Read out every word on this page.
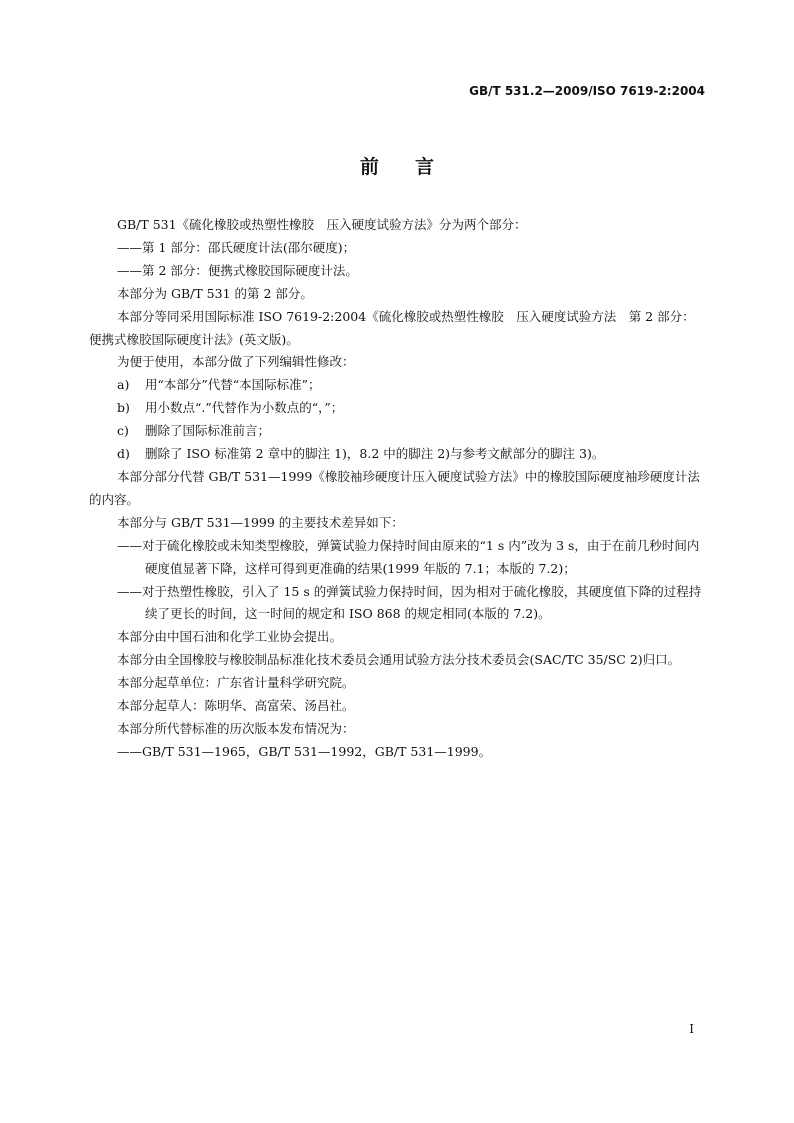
GB/T 531.2—2009/ISO 7619-2:2004
前言

GB/T 531《硫化橡胶或热塑性橡胶　压入硬度试验方法》分为两个部分：

——第 1 部分：邵氏硬度计法(邵尔硬度)；

——第 2 部分：便携式橡胶国际硬度计法。

本部分为 GB/T 531 的第 2 部分。

本部分等同采用国际标准 ISO 7619-2:2004《硫化橡胶或热塑性橡胶　压入硬度试验方法　第 2 部分：便携式橡胶国际硬度计法》(英文版)。

为便于使用，本部分做了下列编辑性修改：

a) 用“本部分”代替“本国际标准”；

b) 用小数点“.”代替作为小数点的“，”；

c) 删除了国际标准前言；

d) 删除了 ISO 标准第 2 章中的脚注 1)，8.2 中的脚注 2)与参考文献部分的脚注 3)。

本部分部分代替 GB/T 531—1999《橡胶袖珍硬度计压入硬度试验方法》中的橡胶国际硬度袖珍硬度计法的内容。

本部分与 GB/T 531—1999 的主要技术差异如下：

——对于硫化橡胶或未知类型橡胶，弹簧试验力保持时间由原来的“1 s 内”改为 3 s，由于在前几秒时间内硬度值显著下降，这样可得到更准确的结果(1999 年版的 7.1；本版的 7.2)；

——对于热塑性橡胶，引入了 15 s 的弹簧试验力保持时间，因为相对于硫化橡胶，其硬度值下降的过程持续了更长的时间，这一时间的规定和 ISO 868 的规定相同(本版的 7.2)。

本部分由中国石油和化学工业协会提出。

本部分由全国橡胶与橡胶制品标准化技术委员会通用试验方法分技术委员会(SAC/TC 35/SC 2)归口。

本部分起草单位：广东省计量科学研究院。

本部分起草人：陈明华、高富荣、汤昌社。

本部分所代替标准的历次版本发布情况为：

——GB/T 531—1965，GB/T 531—1992，GB/T 531—1999。

I
